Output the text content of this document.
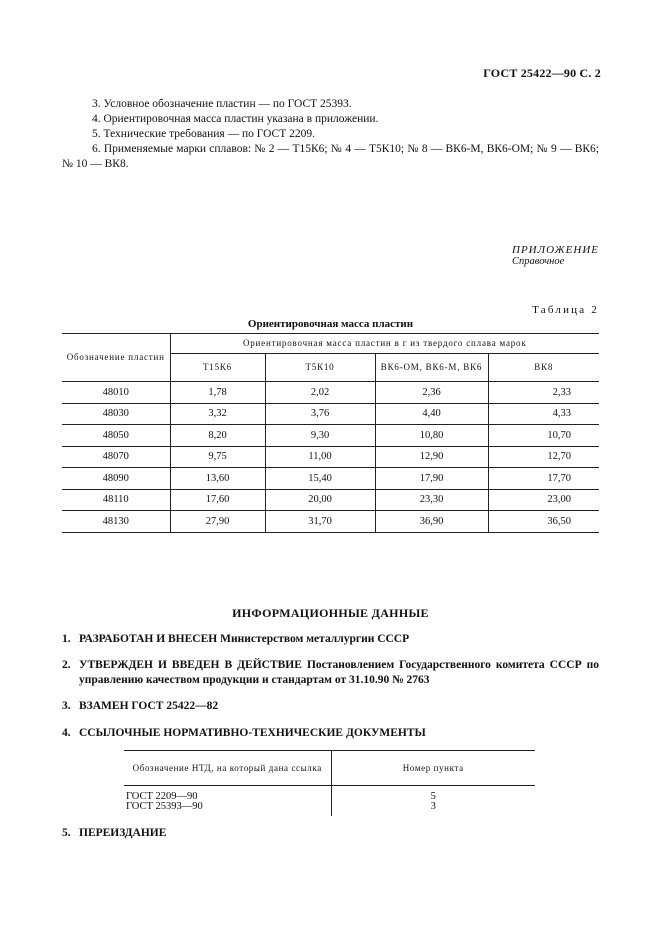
ГОСТ 25422—90 С. 2

3. Условное обозначение пластин — по ГОСТ 25393.

4. Ориентировочная масса пластин указана в приложении.

5. Технические требования — по ГОСТ 2209.

6. Применяемые марки сплавов: № 2 — Т15К6; № 4 — Т5К10; № 8 — ВК6-М, ВК6-ОМ; № 9 — ВК6; № 10 — ВК8.

ПРИЛОЖЕНИЕ
Справочное
Таблица 2
Ориентировочная масса пластин
Обозначение пластин	Ориентировочная масса пластин в г из твердого сплава марок			
	Т15К6	Т5К10	ВК6-ОМ, ВК6-М, ВК6	ВК8
48010	1,78	2,02	2,36	2,33
48030	3,32	3,76	4,40	4,33
48050	8,20	9,30	10,80	10,70
48070	9,75	11,00	12,90	12,70
48090	13,60	15,40	17,90	17,70
48110	17,60	20,00	23,30	23,00
48130	27,90	31,70	36,90	36,50
ИНФОРМАЦИОННЫЕ ДАННЫЕ
1. РАЗРАБОТАН И ВНЕСЕН Министерством металлургии СССР
2. УТВЕРЖДЕН И ВВЕДЕН В ДЕЙСТВИЕ Постановлением Государственного комитета СССР по управлению качеством продукции и стандартам от 31.10.90 № 2763
3. ВЗАМЕН ГОСТ 25422—82
4. ССЫЛОЧНЫЕ НОРМАТИВНО-ТЕХНИЧЕСКИЕ ДОКУМЕНТЫ
Обозначение НТД, на который дана ссылка	Номер пункта
ГОСТ 2209—90	5
ГОСТ 25393—90	3
5. ПЕРЕИЗДАНИЕ
